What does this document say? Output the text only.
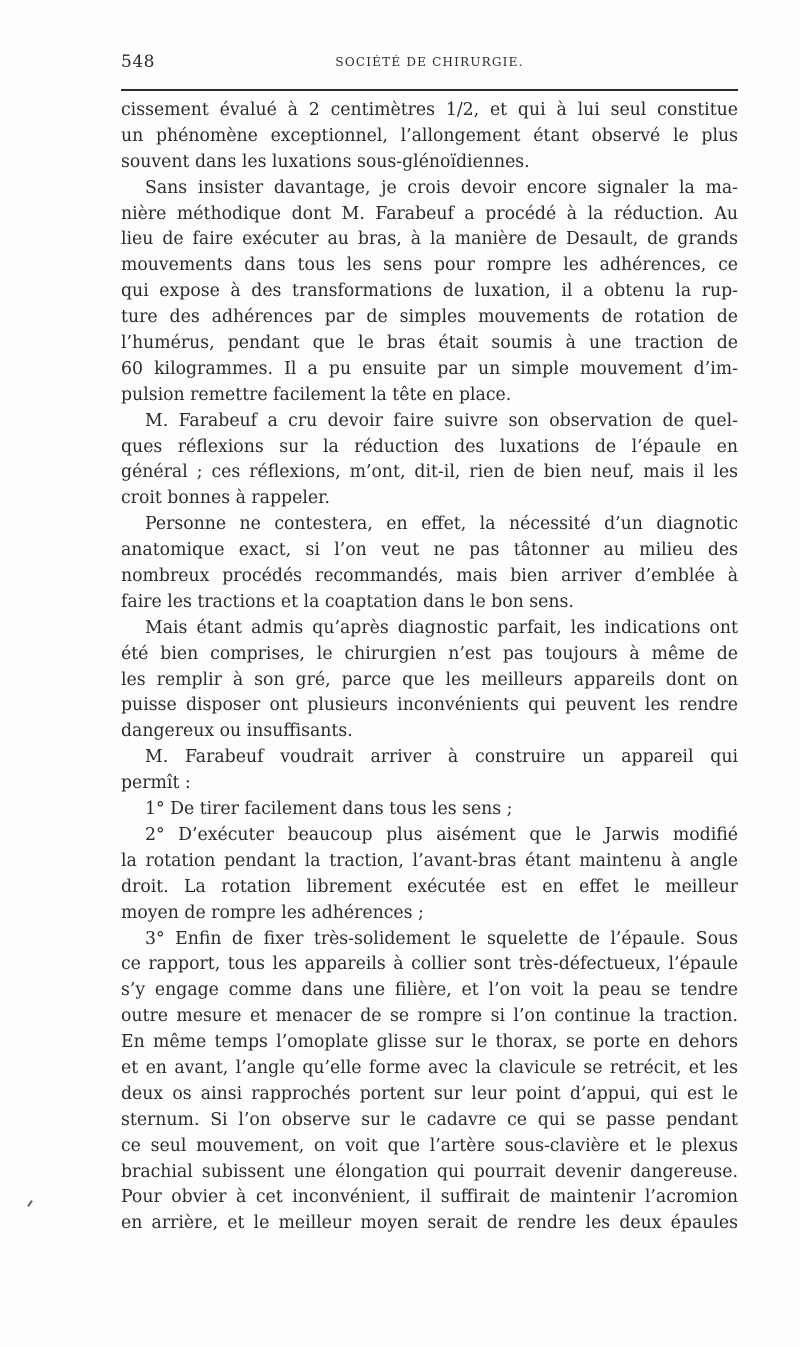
548	SOCIÉTÉ DE CHIRURGIE.
cissement évalué à 2 centimètres 1/2, et qui à lui seul constitue
un phénomène exceptionnel, l’allongement étant observé le plus
souvent dans les luxations sous-glénoïdiennes.
Sans insister davantage, je crois devoir encore signaler la ma-
nière méthodique dont M. Farabeuf a procédé à la réduction. Au
lieu de faire exécuter au bras, à la manière de Desault, de grands
mouvements dans tous les sens pour rompre les adhérences, ce
qui expose à des transformations de luxation, il a obtenu la rup-
ture des adhérences par de simples mouvements de rotation de
l’humérus, pendant que le bras était soumis à une traction de
60 kilogrammes. Il a pu ensuite par un simple mouvement d’im-
pulsion remettre facilement la tête en place.
M. Farabeuf a cru devoir faire suivre son observation de quel-
ques réflexions sur la réduction des luxations de l’épaule en
général ; ces réflexions, m’ont, dit-il, rien de bien neuf, mais il les
croit bonnes à rappeler.
Personne ne contestera, en effet, la nécessité d’un diagnotic
anatomique exact, si l’on veut ne pas tâtonner au milieu des
nombreux procédés recommandés, mais bien arriver d’emblée à
faire les tractions et la coaptation dans le bon sens.
Mais étant admis qu’après diagnostic parfait, les indications ont
été bien comprises, le chirurgien n’est pas toujours à même de
les remplir à son gré, parce que les meilleurs appareils dont on
puisse disposer ont plusieurs inconvénients qui peuvent les rendre
dangereux ou insuffisants.
M. Farabeuf voudrait arriver à construire un appareil qui
permît :
1° De tirer facilement dans tous les sens ;
2° D’exécuter beaucoup plus aisément que le Jarwis modifié
la rotation pendant la traction, l’avant-bras étant maintenu à angle
droit. La rotation librement exécutée est en effet le meilleur
moyen de rompre les adhérences ;
3° Enfin de fixer très-solidement le squelette de l’épaule. Sous
ce rapport, tous les appareils à collier sont très-défectueux, l’épaule
s’y engage comme dans une filière, et l’on voit la peau se tendre
outre mesure et menacer de se rompre si l’on continue la traction.
En même temps l’omoplate glisse sur le thorax, se porte en dehors
et en avant, l’angle qu’elle forme avec la clavicule se retrécit, et les
deux os ainsi rapprochés portent sur leur point d’appui, qui est le
sternum. Si l’on observe sur le cadavre ce qui se passe pendant
ce seul mouvement, on voit que l’artère sous-clavière et le plexus
brachial subissent une élongation qui pourrait devenir dangereuse.
Pour obvier à cet inconvénient, il suffirait de maintenir l’acromion
en arrière, et le meilleur moyen serait de rendre les deux épaules
